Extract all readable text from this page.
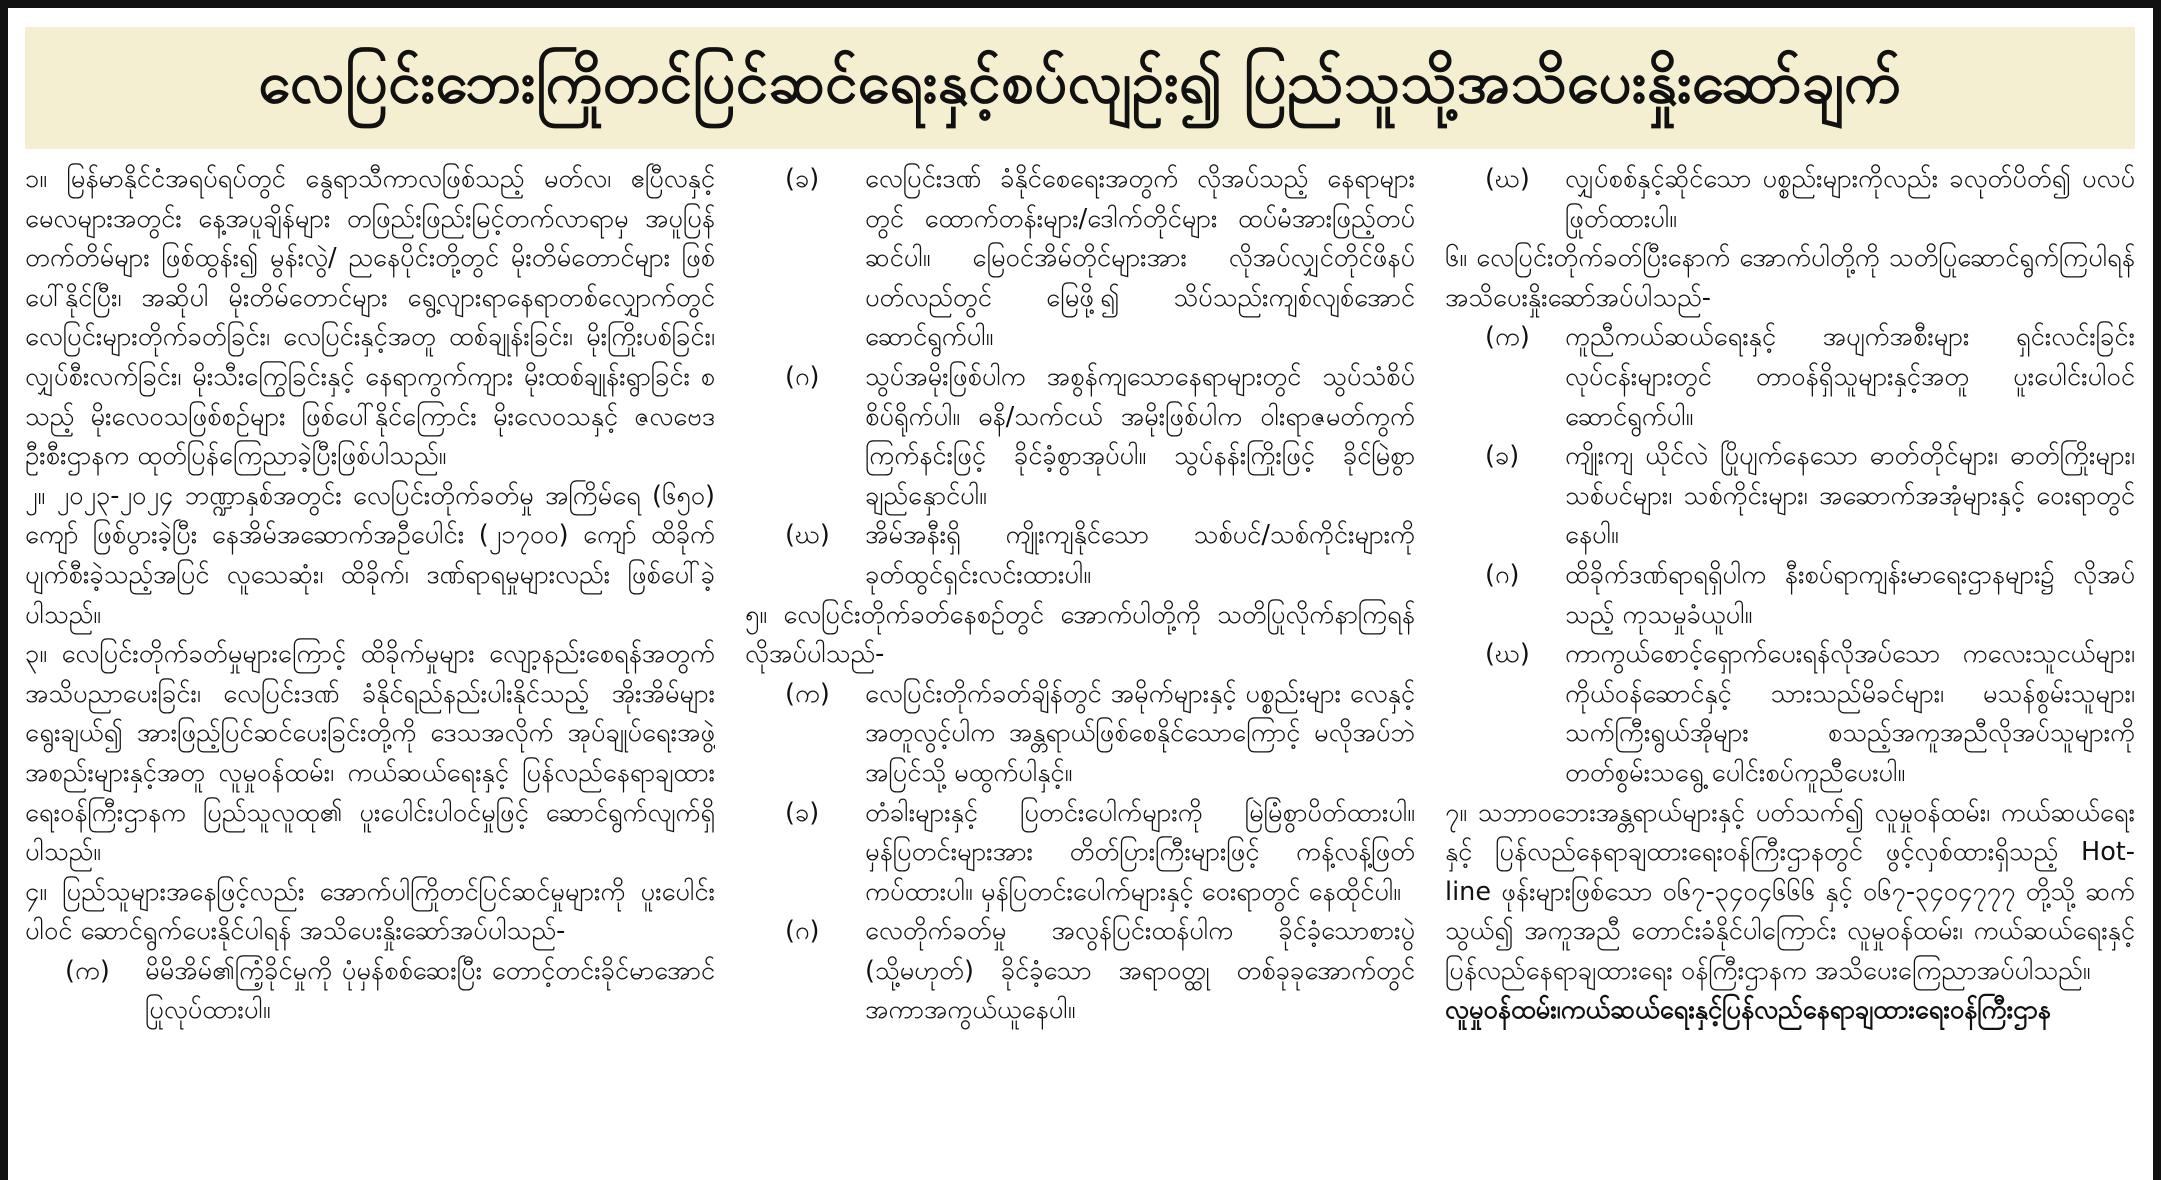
လေပြင်းဘေးကြိုတင်ပြင်ဆင်ရေးနှင့်စပ်လျဉ်း၍ ပြည်သူသို့အသိပေးနှိုးဆော်ချက်

၁။ မြန်မာနိုင်ငံအရပ်ရပ်တွင် နွေရာသီကာလဖြစ်သည့် မတ်လ၊ ဧပြီလနှင့် မေလများအတွင်း နေ့အပူချိန်များ တဖြည်းဖြည်းမြင့်တက်လာရာမှ အပူပြန်တက်တိမ်များ ဖြစ်ထွန်း၍ မွန်းလွဲ/ ညနေပိုင်းတို့တွင် မိုးတိမ်တောင်များ ဖြစ်ပေါ်နိုင်ပြီး၊ အဆိုပါ မိုးတိမ်တောင်များ ရွေ့လျားရာနေရာတစ်လျှောက်တွင် လေပြင်းများတိုက်ခတ်ခြင်း၊ လေပြင်းနှင့်အတူ ထစ်ချုန်းခြင်း၊ မိုးကြိုးပစ်ခြင်း၊ လျှပ်စီးလက်ခြင်း၊ မိုးသီးကြွေခြင်းနှင့် နေရာကွက်ကျား မိုးထစ်ချုန်းရွာခြင်း စသည့် မိုးလေဝသဖြစ်စဉ်များ ဖြစ်ပေါ်နိုင်ကြောင်း မိုးလေဝသနှင့် ဇလဗေဒဦးစီးဌာနက ထုတ်ပြန်ကြေညာခဲ့ပြီးဖြစ်ပါသည်။

၂။ ၂၀၂၃-၂၀၂၄ ဘဏ္ဍာနှစ်အတွင်း လေပြင်းတိုက်ခတ်မှု အကြိမ်ရေ (၆၅၀) ကျော် ဖြစ်ပွားခဲ့ပြီး နေအိမ်အဆောက်အဦပေါင်း (၂၁၇၀၀) ကျော် ထိခိုက်ပျက်စီးခဲ့သည့်အပြင် လူသေဆုံး၊ ထိခိုက်၊ ဒဏ်ရာရမှုများလည်း ဖြစ်ပေါ်ခဲ့ပါသည်။

၃။ လေပြင်းတိုက်ခတ်မှုများကြောင့် ထိခိုက်မှုများ လျော့နည်းစေရန်အတွက် အသိပညာပေးခြင်း၊ လေပြင်းဒဏ် ခံနိုင်ရည်နည်းပါးနိုင်သည့် အိုးအိမ်များ ရွေးချယ်၍ အားဖြည့်ပြင်ဆင်ပေးခြင်းတို့ကို ဒေသအလိုက် အုပ်ချုပ်ရေးအဖွဲ့အစည်းများနှင့်အတူ လူမှုဝန်ထမ်း၊ ကယ်ဆယ်ရေးနှင့် ပြန်လည်နေရာချထားရေးဝန်ကြီးဌာနက ပြည်သူလူထု၏ ပူးပေါင်းပါဝင်မှုဖြင့် ဆောင်ရွက်လျက်ရှိပါသည်။

၄။ ပြည်သူများအနေဖြင့်လည်း အောက်ပါကြိုတင်ပြင်ဆင်မှုများကို ပူးပေါင်းပါဝင် ဆောင်ရွက်ပေးနိုင်ပါရန် အသိပေးနှိုးဆော်အပ်ပါသည်-

(က)	မိမိအိမ်၏ကြံ့ခိုင်မှုကို ပုံမှန်စစ်ဆေးပြီး တောင့်တင်းခိုင်မာအောင် ပြုလုပ်ထားပါ။
(ခ)	လေပြင်းဒဏ် ခံနိုင်စေရေးအတွက် လိုအပ်သည့် နေရာများတွင် ထောက်တန်းများ/ဒေါက်တိုင်များ ထပ်မံအားဖြည့်တပ်ဆင်ပါ။ မြေဝင်အိမ်တိုင်များအား လိုအပ်လျှင်တိုင်ဖိနပ် ပတ်လည်တွင် မြေဖို့၍ သိပ်သည်းကျစ်လျစ်အောင် ဆောင်ရွက်ပါ။
(ဂ)	သွပ်အမိုးဖြစ်ပါက အစွန်ကျသောနေရာများတွင် သွပ်သံစိပ်စိပ်ရိုက်ပါ။ ဓနိ/သက်ငယ် အမိုးဖြစ်ပါက ဝါးရာဇမတ်ကွက် ကြက်နင်းဖြင့် ခိုင်ခံ့စွာအုပ်ပါ။ သွပ်နန်းကြိုးဖြင့် ခိုင်မြဲစွာ ချည်နှောင်ပါ။
(ဃ)	အိမ်အနီးရှိ ကျိုးကျနိုင်သော သစ်ပင်/သစ်ကိုင်းများကို ခုတ်ထွင်ရှင်းလင်းထားပါ။

၅။ လေပြင်းတိုက်ခတ်နေစဉ်တွင် အောက်ပါတို့ကို သတိပြုလိုက်နာကြရန် လိုအပ်ပါသည်-

(က)	လေပြင်းတိုက်ခတ်ချိန်တွင် အမိုက်များနှင့် ပစ္စည်းများ လေနှင့်အတူလွင့်ပါက အန္တရာယ်ဖြစ်စေနိုင်သောကြောင့် မလိုအပ်ဘဲ အပြင်သို့ မထွက်ပါနှင့်။
(ခ)	တံခါးများနှင့် ပြတင်းပေါက်များကို မြဲမြံစွာပိတ်ထားပါ။ မှန်ပြတင်းများအား တိတ်ပြားကြီးများဖြင့် ကန့်လန့်ဖြတ်ကပ်ထားပါ။ မှန်ပြတင်းပေါက်များနှင့် ဝေးရာတွင် နေထိုင်ပါ။
(ဂ)	လေတိုက်ခတ်မှု အလွန်ပြင်းထန်ပါက ခိုင်ခံ့သောစားပွဲ (သို့မဟုတ်) ခိုင်ခံ့သော အရာဝတ္ထု တစ်ခုခုအောက်တွင် အကာအကွယ်ယူနေပါ။
(ဃ)	လျှပ်စစ်နှင့်ဆိုင်သော ပစ္စည်းများကိုလည်း ခလုတ်ပိတ်၍ ပလပ်ဖြုတ်ထားပါ။

၆။ လေပြင်းတိုက်ခတ်ပြီးနောက် အောက်ပါတို့ကို သတိပြုဆောင်ရွက်ကြပါရန် အသိပေးနှိုးဆော်အပ်ပါသည်-

(က)	ကူညီကယ်ဆယ်ရေးနှင့် အပျက်အစီးများ ရှင်းလင်းခြင်း လုပ်ငန်းများတွင် တာဝန်ရှိသူများနှင့်အတူ ပူးပေါင်းပါဝင်ဆောင်ရွက်ပါ။
(ခ)	ကျိုးကျ ယိုင်လဲ ပြိုပျက်နေသော ဓာတ်တိုင်များ၊ ဓာတ်ကြိုးများ၊ သစ်ပင်များ၊ သစ်ကိုင်းများ၊ အဆောက်အအုံများနှင့် ဝေးရာတွင်နေပါ။
(ဂ)	ထိခိုက်ဒဏ်ရာရရှိပါက နီးစပ်ရာကျန်းမာရေးဌာနများ၌ လိုအပ်သည့် ကုသမှုခံယူပါ။
(ဃ)	ကာကွယ်စောင့်ရှောက်ပေးရန်လိုအပ်သော ကလေးသူငယ်များ၊ ကိုယ်ဝန်ဆောင်နှင့် သားသည်မိခင်များ၊ မသန်စွမ်းသူများ၊ သက်ကြီးရွယ်အိုများ စသည့်အကူအညီလိုအပ်သူများကို တတ်စွမ်းသရွေ့ ပေါင်းစပ်ကူညီပေးပါ။

၇။ သဘာဝဘေးအန္တရာယ်များနှင့် ပတ်သက်၍ လူမှုဝန်ထမ်း၊ ကယ်ဆယ်ရေးနှင့် ပြန်လည်နေရာချထားရေးဝန်ကြီးဌာနတွင် ဖွင့်လှစ်ထားရှိသည့် Hot-line ဖုန်းများဖြစ်သော ၀၆၇-၃၄၀၄၆၆၆ နှင့် ၀၆၇-၃၄၀၄၇၇၇ တို့သို့ ဆက်သွယ်၍ အကူအညီ တောင်းခံနိုင်ပါကြောင်း လူမှုဝန်ထမ်း၊ ကယ်ဆယ်ရေးနှင့်ပြန်လည်နေရာချထားရေး ဝန်ကြီးဌာနက အသိပေးကြေညာအပ်ပါသည်။

လူမှုဝန်ထမ်း၊ကယ်ဆယ်ရေးနှင့်ပြန်လည်နေရာချထားရေးဝန်ကြီးဌာန
